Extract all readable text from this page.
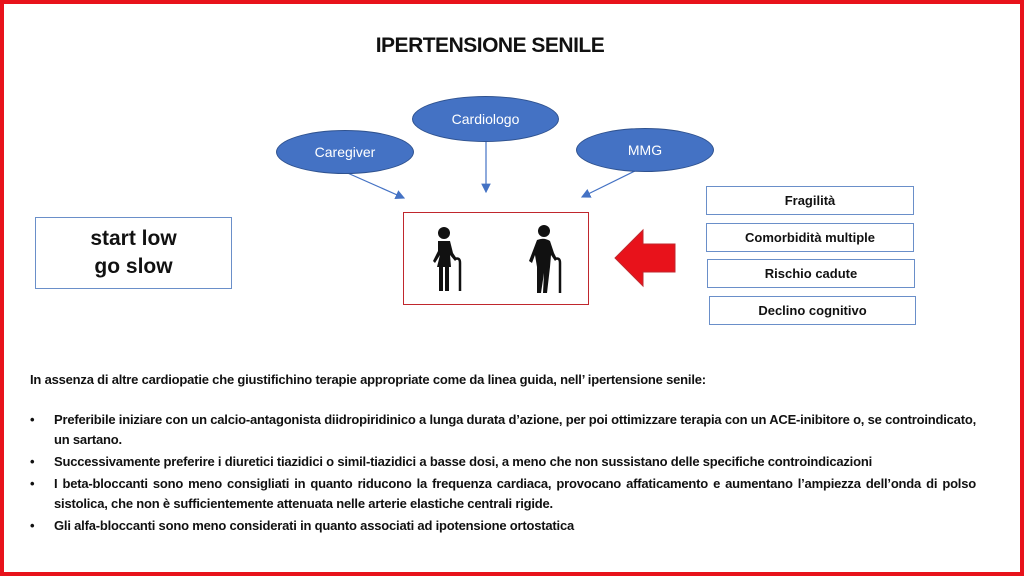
IPERTENSIONE SENILE
Cardiologo
Caregiver	MMG
start low
go slow
Fragilità
Comorbidità multiple
Rischio cadute
Declino cognitivo
In assenza di altre cardiopatie che giustifichino terapie appropriate come da linea guida, nell’ ipertensione senile:
• Preferibile iniziare con un calcio-antagonista diidropiridinico a lunga durata d’azione, per poi ottimizzare terapia con un ACE-inibitore o, se controindicato, un sartano.
• Successivamente preferire i diuretici tiazidici o simil-tiazidici a basse dosi, a meno che non sussistano delle specifiche controindicazioni
• I beta-bloccanti sono meno consigliati in quanto riducono la frequenza cardiaca, provocano affaticamento e aumentano l’ampiezza dell’onda di polso sistolica, che non è sufficientemente attenuata nelle arterie elastiche centrali rigide.
• Gli alfa-bloccanti sono meno considerati in quanto associati ad ipotensione ortostatica
